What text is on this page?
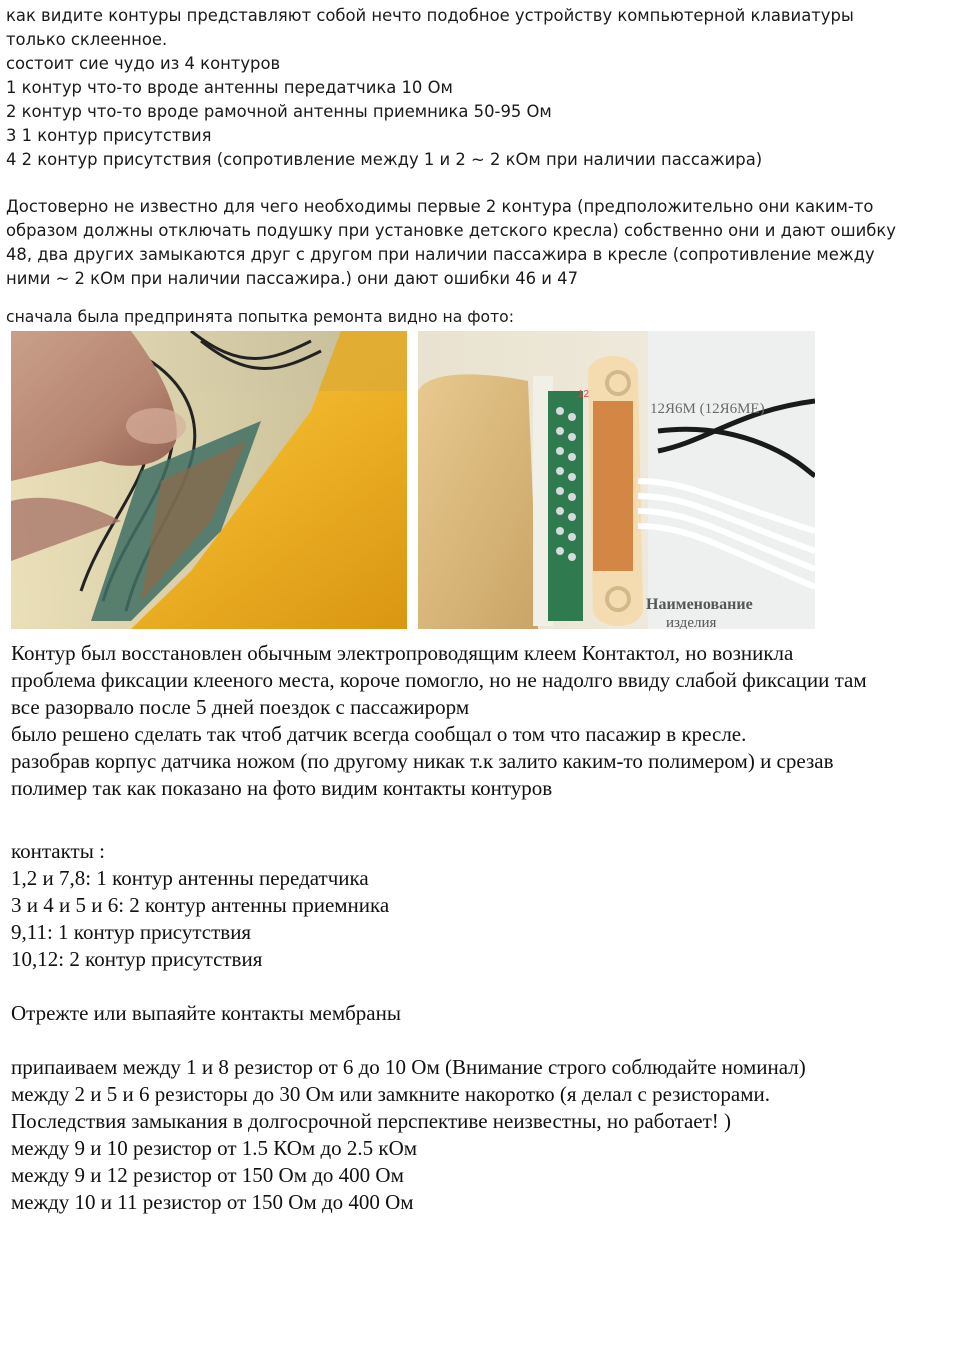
как видите контуры представляют собой нечто подобное устройству компьютерной клавиатуры

только склеенное.

состоит сие чудо из 4 контуров

1 контур что-то вроде антенны передатчика 10 Ом

2 контур что-то вроде рамочной антенны приемника 50-95 Ом

3 1 контур присутствия

4 2 контур присутствия (сопротивление между 1 и 2 ~ 2 кОм при наличии пассажира)

Достоверно не известно для чего необходимы первые 2 контура (предположительно они каким-то

образом должны отключать подушку при установке детского кресла) собственно они и дают ошибку

48, два других замыкаются друг с другом при наличии пассажира в кресле (сопротивление между

ними ~ 2 кОм при наличии пассажира.) они дают ошибки 46 и 47

сначала была предпринята попытка ремонта видно на фото:

12
12Я6М (12Я6МЕ)
Наименование
изделия

Контур был восстановлен обычным электропроводящим клеем Контактол, но возникла

проблема фиксации клееного места, короче помогло, но не надолго ввиду слабой фиксации там

все разорвало после 5 дней поездок с пассажирорм

было решено сделать так чтоб датчик всегда сообщал о том что пасажир в кресле.

разобрав корпус датчика ножом (по другому никак т.к залито каким-то полимером) и срезав

полимер так как показано на фото видим контакты контуров

контакты :

1,2 и 7,8: 1 контур антенны передатчика

3 и 4 и 5 и 6: 2 контур антенны приемника

9,11: 1 контур присутствия

10,12: 2 контур присутствия

Отрежте или выпаяйте контакты мембраны

припаиваем между 1 и 8 резистор от 6 до 10 Ом (Внимание строго соблюдайте номинал)

между 2 и 5 и 6 резисторы до 30 Ом или замкните накоротко (я делал с резисторами.

Последствия замыкания в долгосрочной перспективе неизвестны, но работает! )

между 9 и 10 резистор от 1.5 КОм до 2.5 кОм

между 9 и 12 резистор от 150 Ом до 400 Ом

между 10 и 11 резистор от 150 Ом до 400 Ом
